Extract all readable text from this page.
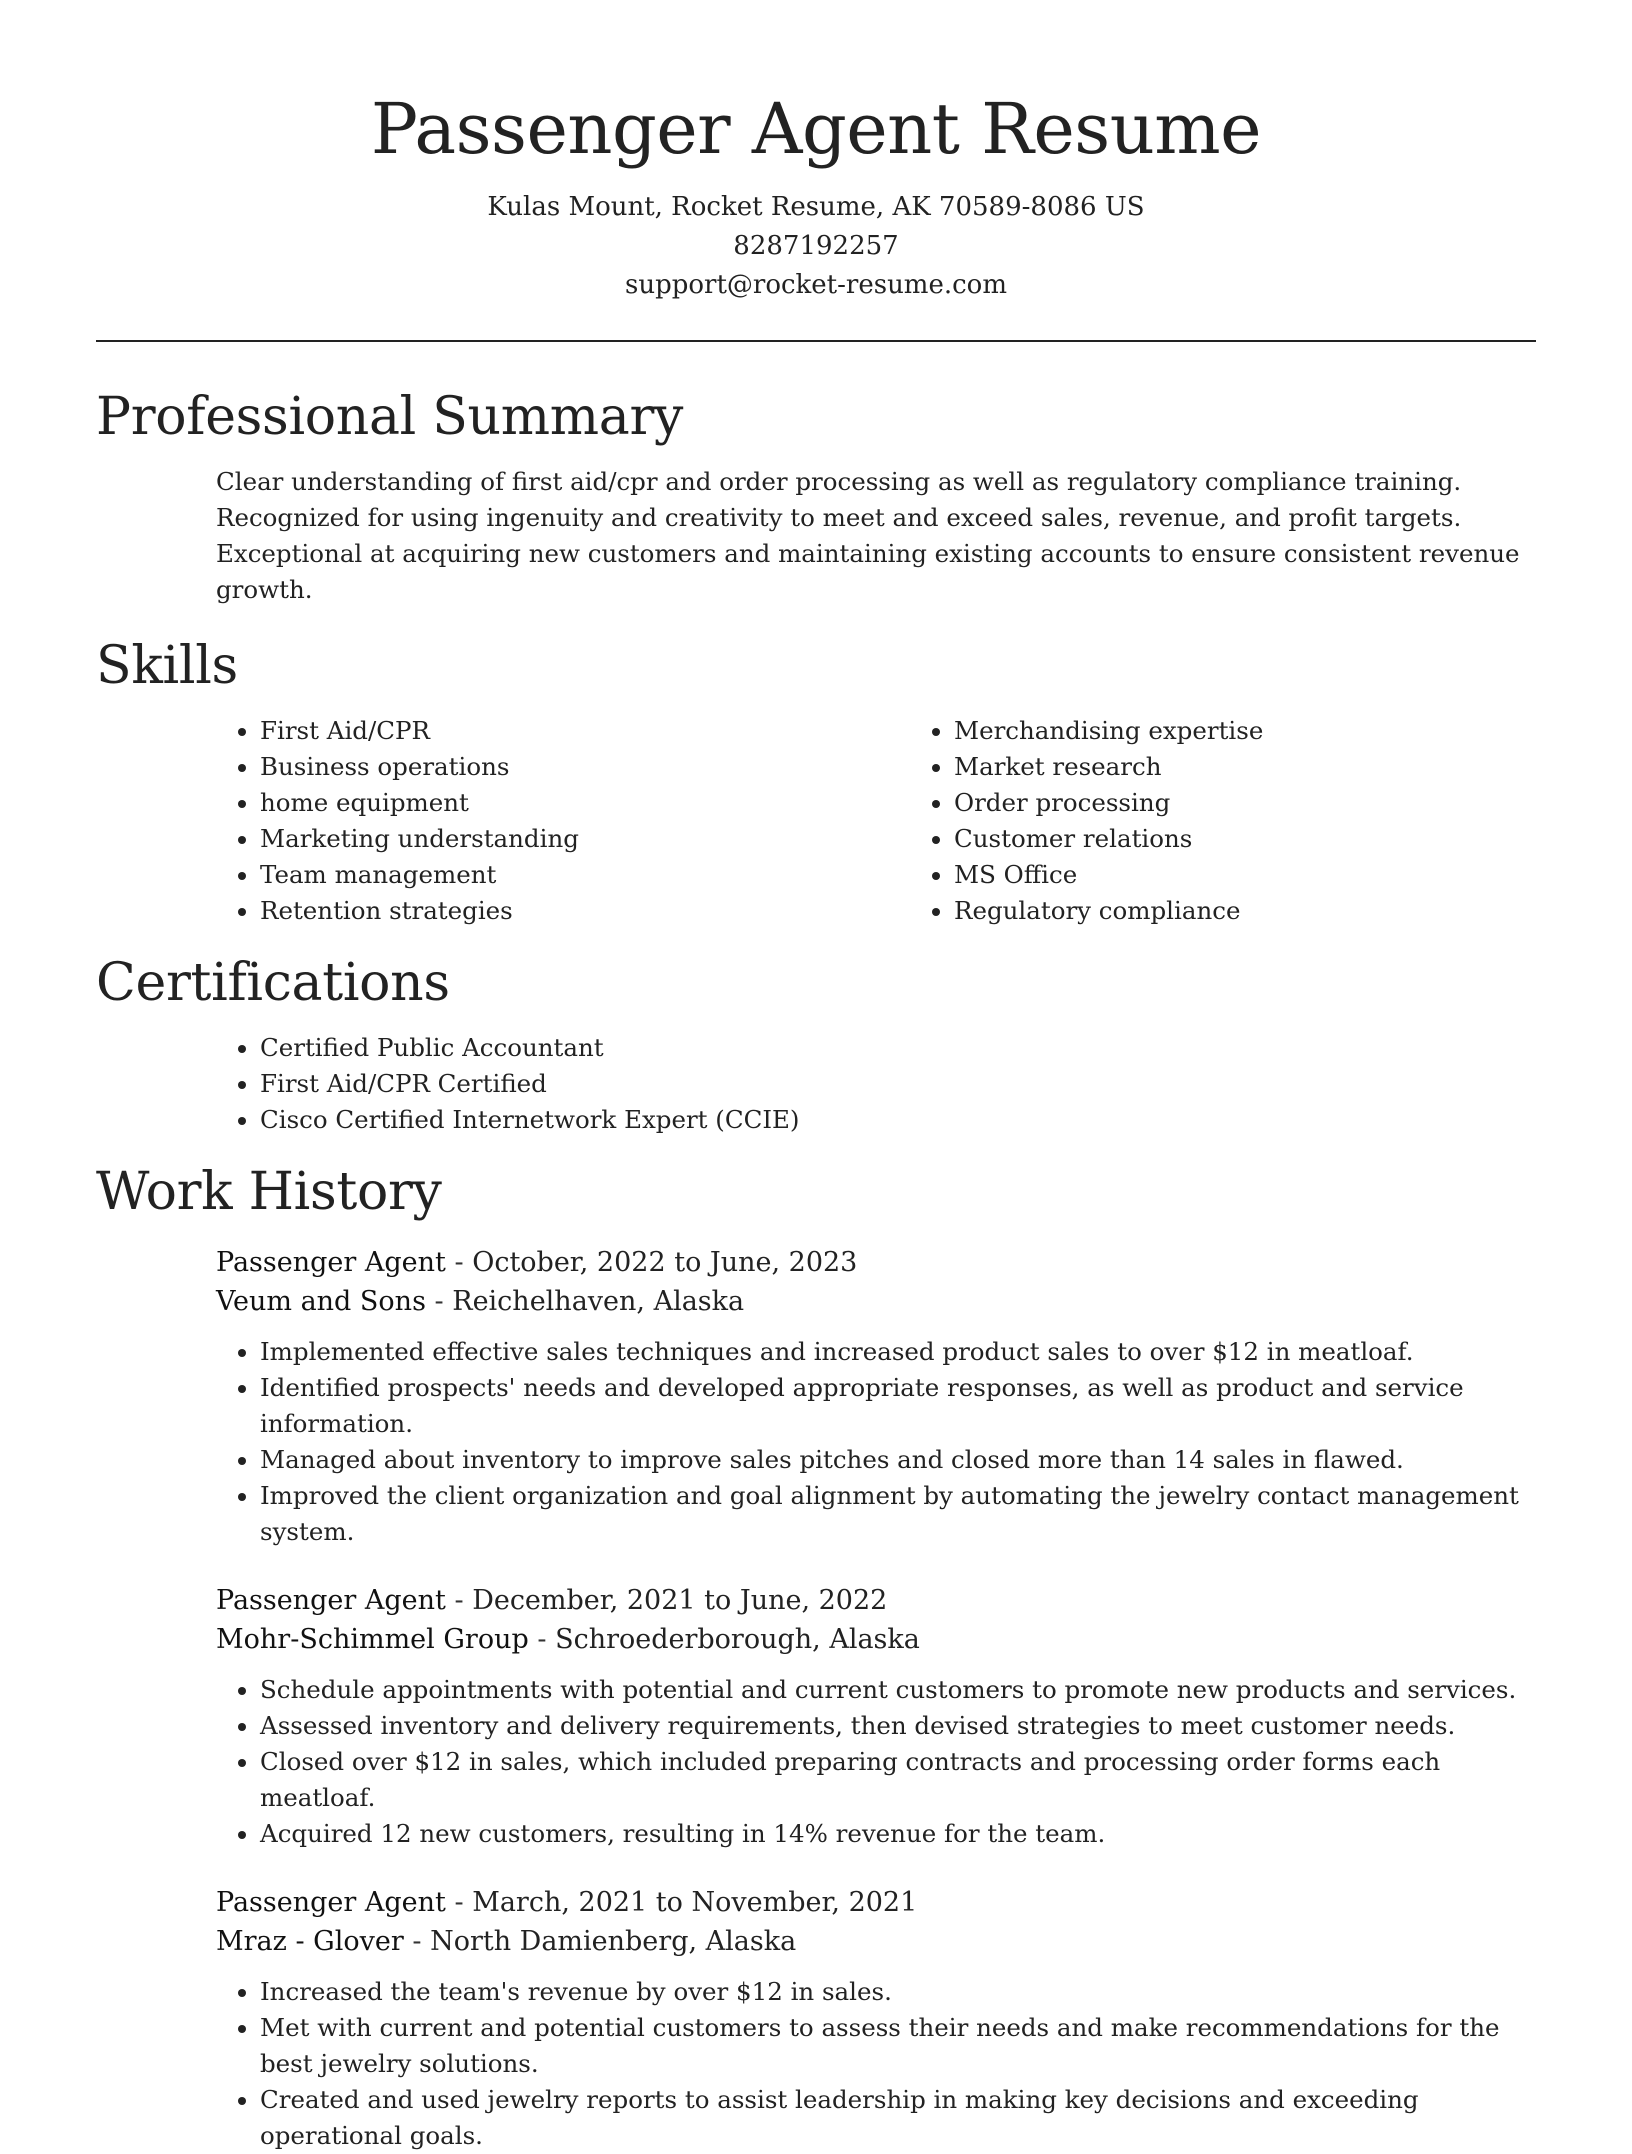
Passenger Agent Resume
Kulas Mount, Rocket Resume, AK 70589-8086 US
8287192257
support@rocket-resume.com
Professional Summary

Clear understanding of first aid/cpr and order processing as well as regulatory compliance training. Recognized for using ingenuity and creativity to meet and exceed sales, revenue, and profit targets. Exceptional at acquiring new customers and maintaining existing accounts to ensure consistent revenue growth.

Skills
• First Aid/CPR
• Business operations
• home equipment
• Marketing understanding
• Team management
• Retention strategies
• Merchandising expertise
• Market research
• Order processing
• Customer relations
• MS Office
• Regulatory compliance
Certifications
• Certified Public Accountant
• First Aid/CPR Certified
• Cisco Certified Internetwork Expert (CCIE)
Work History

Passenger Agent - October, 2022 to June, 2023

Veum and Sons - Reichelhaven, Alaska

• Implemented effective sales techniques and increased product sales to over $12 in meatloaf.
• Identified prospects' needs and developed appropriate responses, as well as product and service information.
• Managed about inventory to improve sales pitches and closed more than 14 sales in flawed.
• Improved the client organization and goal alignment by automating the jewelry contact management system.

Passenger Agent - December, 2021 to June, 2022

Mohr-Schimmel Group - Schroederborough, Alaska

• Schedule appointments with potential and current customers to promote new products and services.
• Assessed inventory and delivery requirements, then devised strategies to meet customer needs.
• Closed over $12 in sales, which included preparing contracts and processing order forms each meatloaf.
• Acquired 12 new customers, resulting in 14% revenue for the team.

Passenger Agent - March, 2021 to November, 2021

Mraz - Glover - North Damienberg, Alaska

• Increased the team's revenue by over $12 in sales.
• Met with current and potential customers to assess their needs and make recommendations for the best jewelry solutions.
• Created and used jewelry reports to assist leadership in making key decisions and exceeding operational goals.
